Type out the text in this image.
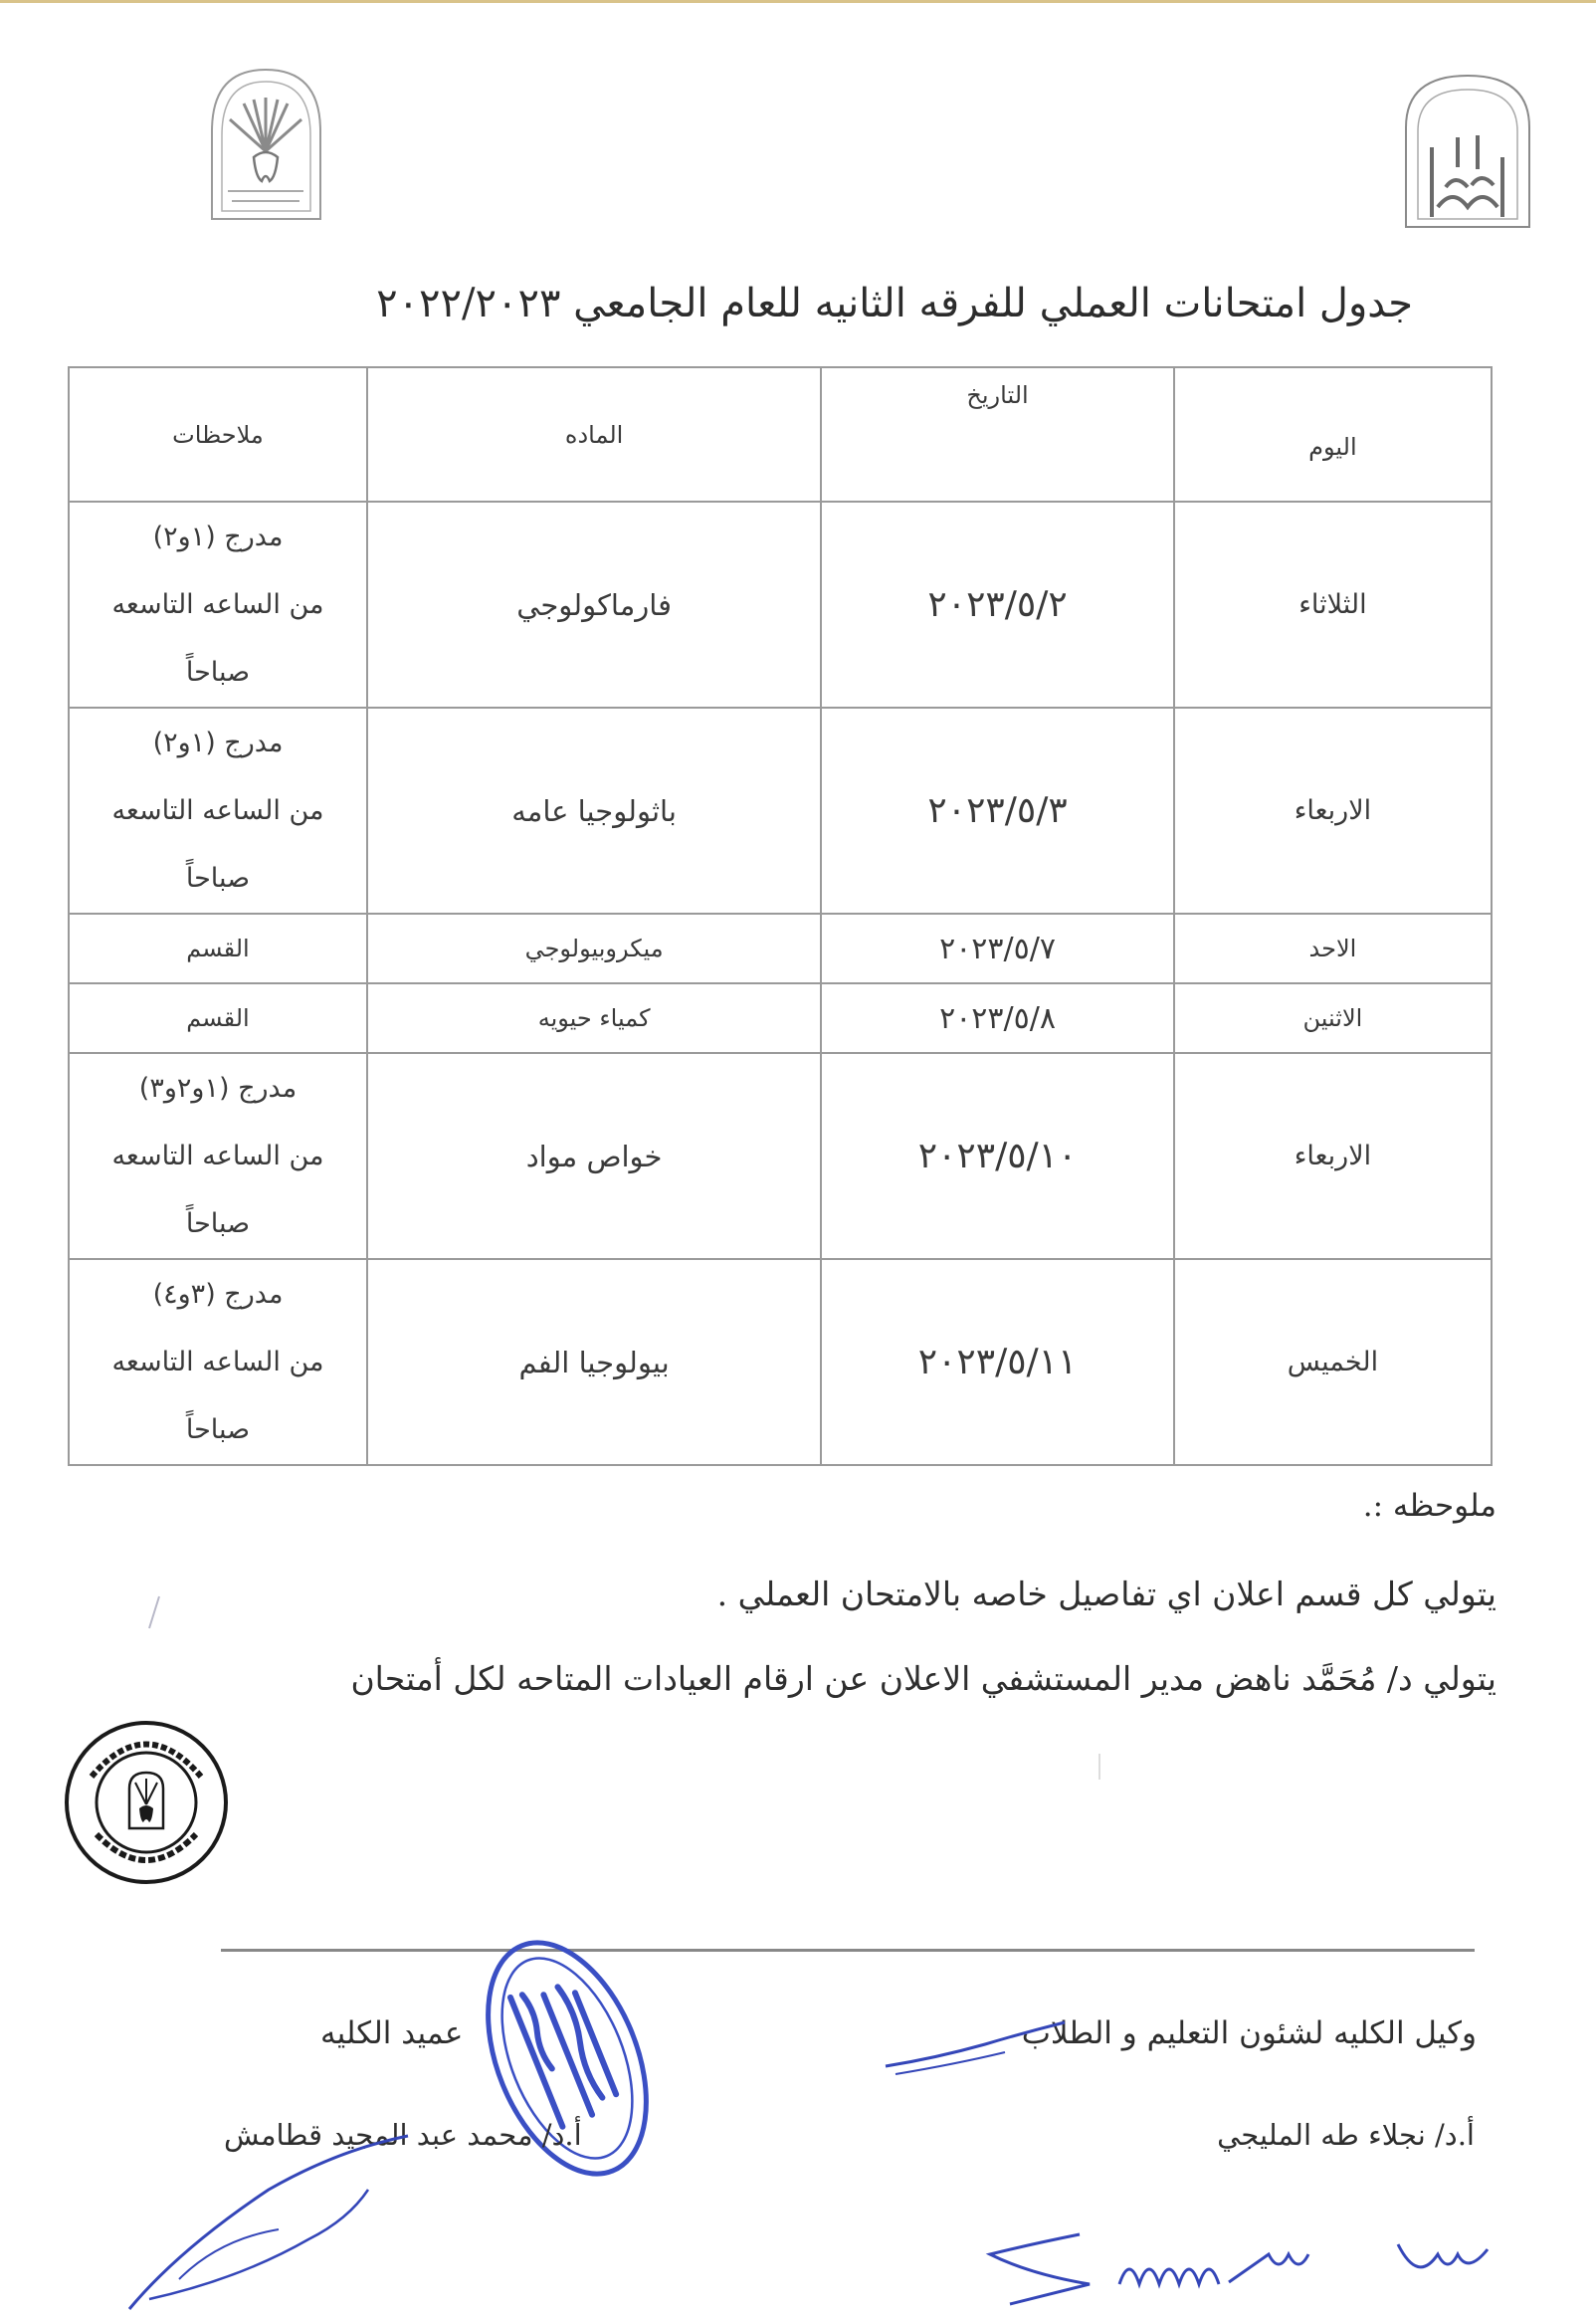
جدول امتحانات العملي للفرقه الثانيه للعام الجامعي ٢٠٢٢/٢٠٢٣
اليوم	التاريخ	الماده	ملاحظات
الثلاثاء	٢٠٢٣/٥/٢	فارماكولوجي	مدرج (١و٢)
من الساعه التاسعه
صباحاً

الاربعاء	٢٠٢٣/٥/٣	باثولوجيا عامه	مدرج (١و٢)
من الساعه التاسعه
صباحاً

الاحد	٢٠٢٣/٥/٧	ميكروبيولوجي	القسم
الاثنين	٢٠٢٣/٥/٨	كمياء حيويه	القسم
الاربعاء	٢٠٢٣/٥/١٠	خواص مواد	مدرج (١و٢و٣)
من الساعه التاسعه
صباحاً

الخميس	٢٠٢٣/٥/١١	بيولوجيا الفم	مدرج (٣و٤)
من الساعه التاسعه
صباحاً
ملوحظه :.
يتولي كل قسم اعلان اي تفاصيل خاصه بالامتحان العملي .
يتولي د/ مُحَمَّد ناهض مدير المستشفي الاعلان عن ارقام العيادات المتاحه لكل أمتحان
وكيل الكليه لشئون التعليم و الطلاب
عميد الكليه
أ.د/ نجلاء طه المليجي
أ.د/ محمد عبد المجيد قطامش
